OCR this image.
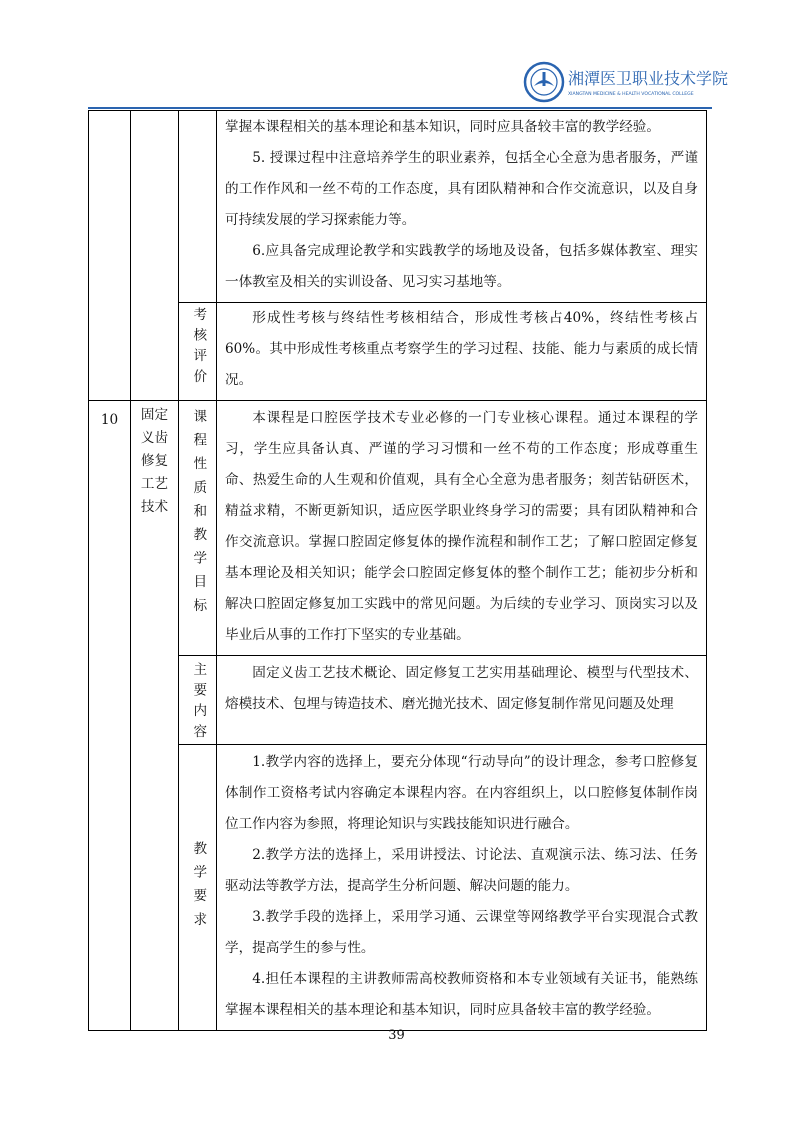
湘潭医卫职业技术学院
XIANGTAN MEDICINE & HEALTH VOCATIONAL COLLEGE

			掌握本课程相关的基本理论和基本知识，同时应具备较丰富的教学经验。

5. 授课过程中注意培养学生的职业素养，包括全心全意为患者服务，严谨的工作作风和一丝不苟的工作态度，具有团队精神和合作交流意识，以及自身可持续发展的学习探索能力等。

6.应具备完成理论教学和实践教学的场地及设备，包括多媒体教室、理实一体教室及相关的实训设备、见习实习基地等。

		考核评价	形成性考核与终结性考核相结合，形成性考核占40%，终结性考核占60%。其中形成性考核重点考察学生的学习过程、技能、能力与素质的成长情况。

10	固定义齿修复工艺技术	课程性质和教学目标	本课程是口腔医学技术专业必修的一门专业核心课程。通过本课程的学习，学生应具备认真、严谨的学习习惯和一丝不苟的工作态度；形成尊重生命、热爱生命的人生观和价值观，具有全心全意为患者服务；刻苦钻研医术，精益求精，不断更新知识，适应医学职业终身学习的需要；具有团队精神和合作交流意识。掌握口腔固定修复体的操作流程和制作工艺；了解口腔固定修复基本理论及相关知识；能学会口腔固定修复体的整个制作工艺；能初步分析和解决口腔固定修复加工实践中的常见问题。为后续的专业学习、顶岗实习以及毕业后从事的工作打下坚实的专业基础。

		主要内容	固定义齿工艺技术概论、固定修复工艺实用基础理论、模型与代型技术、熔模技术、包埋与铸造技术、磨光抛光技术、固定修复制作常见问题及处理

		教学要求	1.教学内容的选择上，要充分体现“行动导向”的设计理念，参考口腔修复体制作工资格考试内容确定本课程内容。在内容组织上，以口腔修复体制作岗位工作内容为参照，将理论知识与实践技能知识进行融合。

2.教学方法的选择上，采用讲授法、讨论法、直观演示法、练习法、任务驱动法等教学方法，提高学生分析问题、解决问题的能力。

3.教学手段的选择上，采用学习通、云课堂等网络教学平台实现混合式教学，提高学生的参与性。

4.担任本课程的主讲教师需高校教师资格和本专业领域有关证书，能熟练掌握本课程相关的基本理论和基本知识，同时应具备较丰富的教学经验。

39
